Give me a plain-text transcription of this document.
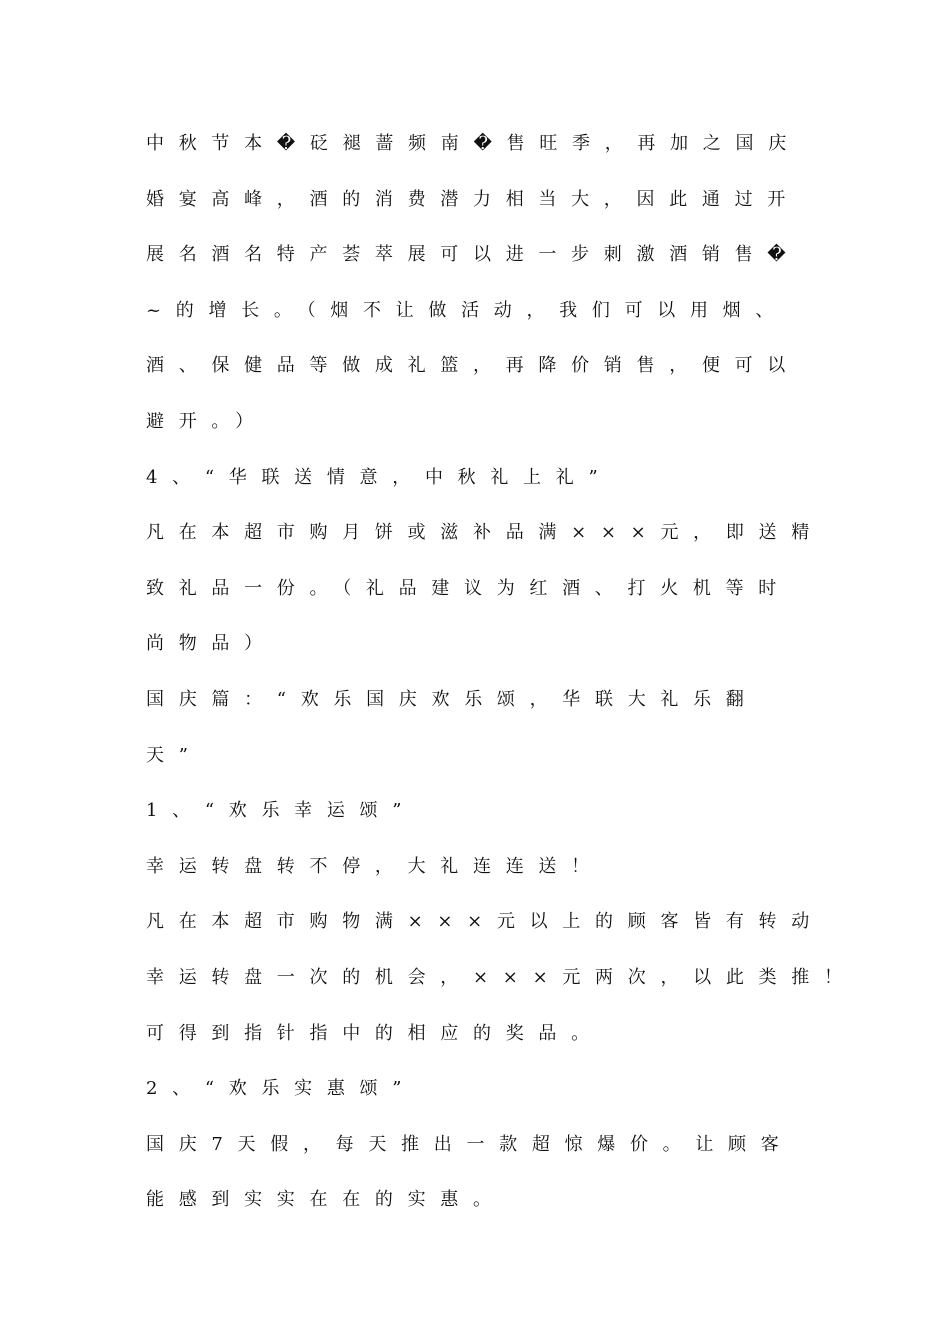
中秋节本�砭褪蔷频南�售旺季，再加之国庆
婚宴高峰，酒的消费潜力相当大，因此通过开
展名酒名特产荟萃展可以进一步刺激酒销售�
~的增长。（烟不让做活动，我们可以用烟、
酒、保健品等做成礼篮，再降价销售，便可以
避开。）
4、“华联送情意，中秋礼上礼”
凡在本超市购月饼或滋补品满×××元，即送精
致礼品一份。（礼品建议为红酒、打火机等时
尚物品）
国庆篇：“欢乐国庆欢乐颂，华联大礼乐翻
天”
1、“欢乐幸运颂”
幸运转盘转不停，大礼连连送！
凡在本超市购物满×××元以上的顾客皆有转动
幸运转盘一次的机会，×××元两次，以此类推！
可得到指针指中的相应的奖品。
2、“欢乐实惠颂”
国庆7天假，每天推出一款超惊爆价。让顾客
能感到实实在在的实惠。
